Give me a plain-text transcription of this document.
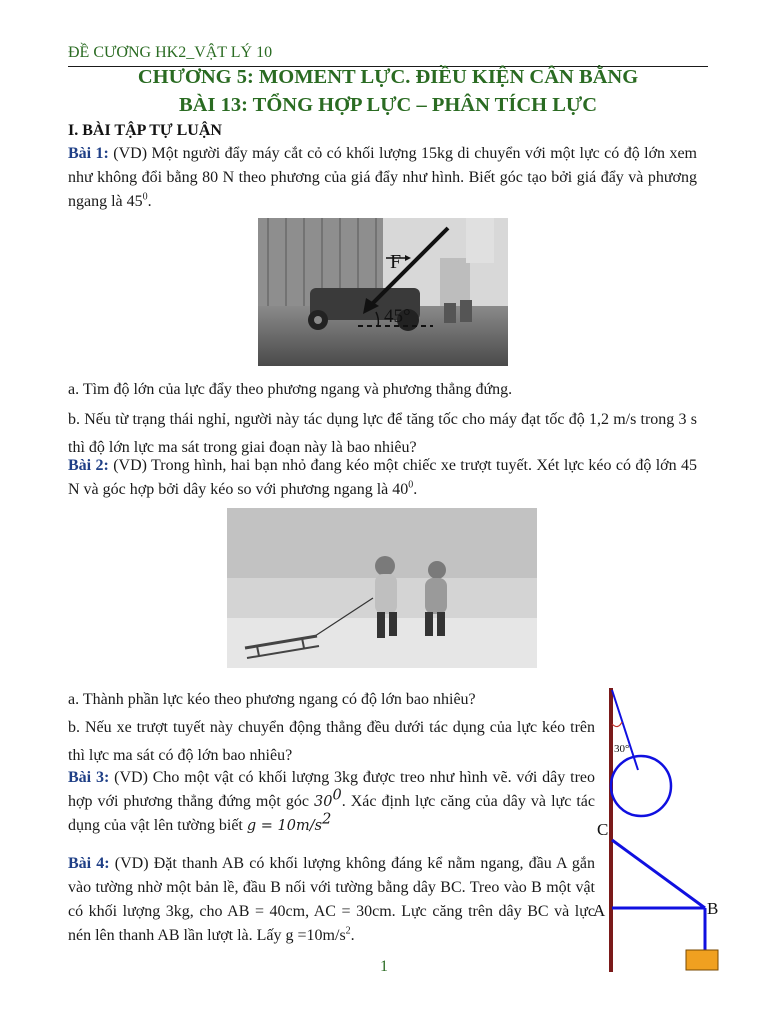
ĐỀ CƯƠNG HK2_VẬT LÝ 10
CHƯƠNG 5: MOMENT LỰC. ĐIỀU KIỆN CÂN BẰNG
BÀI 13: TỔNG HỢP LỰC – PHÂN TÍCH LỰC
I. BÀI TẬP TỰ LUẬN
Bài 1: (VD) Một người đẩy máy cắt cỏ có khối lượng 15kg di chuyển với một lực có độ lớn xem như không đổi bằng 80 N theo phương của giá đẩy như hình. Biết góc tạo bởi giá đẩy và phương ngang là $45^0$.
F
45°
a. Tìm độ lớn của lực đẩy theo phương ngang và phương thẳng đứng.
b. Nếu từ trạng thái nghỉ, người này tác dụng lực để tăng tốc cho máy đạt tốc độ 1,2 m/s trong 3 s thì độ lớn lực ma sát trong giai đoạn này là bao nhiêu?
Bài 2: (VD) Trong hình, hai bạn nhỏ đang kéo một chiếc xe trượt tuyết. Xét lực kéo có độ lớn 45 N và góc hợp bởi dây kéo so với phương ngang là $40^0$.
a. Thành phần lực kéo theo phương ngang có độ lớn bao nhiêu?
b. Nếu xe trượt tuyết này chuyển động thẳng đều dưới tác dụng của lực kéo trên thì lực ma sát có độ lớn bao nhiêu?
Bài 3: (VD) Cho một vật có khối lượng 3kg được treo như hình vẽ. với dây treo hợp với phương thẳng đứng một góc $30^0$. Xác định lực căng của dây và lực tác dụng của vật lên tường biết $g = 10m/s^2$
Bài 4: (VD) Đặt thanh AB có khối lượng không đáng kể nằm ngang, đầu A gắn vào tường nhờ một bản lề, đầu B nối với tường bằng dây BC. Treo vào B một vật có khối lượng 3kg, cho AB = 40cm, AC = 30cm. Lực căng trên dây BC và lực nén lên thanh AB lần lượt là. Lấy $g =10m/s^2$.
30°
C
A	B
1
